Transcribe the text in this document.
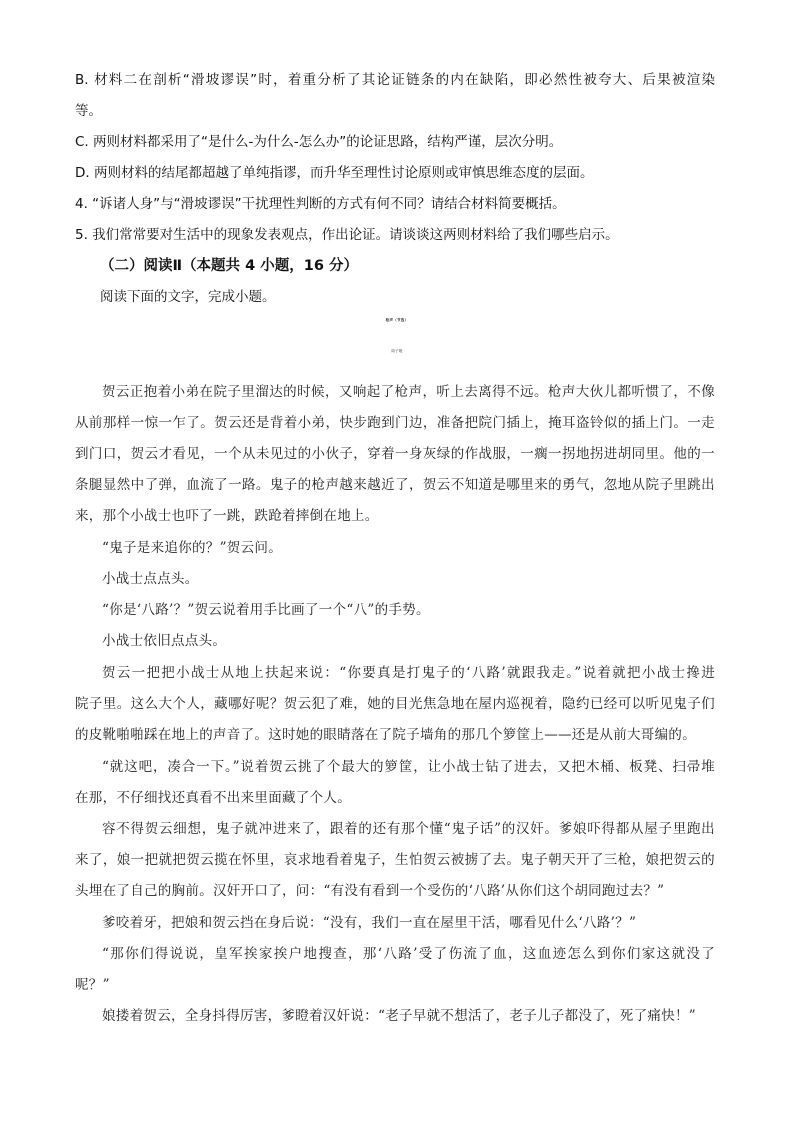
B. 材料二在剖析“滑坡谬误”时，着重分析了其论证链条的内在缺陷，即必然性被夸大、后果被渲染
等。
C. 两则材料都采用了“是什么-为什么-怎么办”的论证思路，结构严谨，层次分明。
D. 两则材料的结尾都超越了单纯指谬，而升华至理性讨论原则或审慎思维态度的层面。
4. “诉诸人身”与“滑坡谬误”干扰理性判断的方式有何不同？请结合材料简要概括。
5. 我们常常要对生活中的现象发表观点，作出论证。请谈谈这两则材料给了我们哪些启示。
（二）阅读Ⅱ（本题共 4 小题，16 分）
阅读下面的文字，完成小题。
枪声（节选）
周子妮
贺云正抱着小弟在院子里溜达的时候，又响起了枪声，听上去离得不远。枪声大伙儿都听惯了，不像
从前那样一惊一乍了。贺云还是背着小弟，快步跑到门边，准备把院门插上，掩耳盗铃似的插上门。一走
到门口，贺云才看见，一个从未见过的小伙子，穿着一身灰绿的作战服，一瘸一拐地拐进胡同里。他的一
条腿显然中了弹，血流了一路。鬼子的枪声越来越近了，贺云不知道是哪里来的勇气，忽地从院子里跳出
来，那个小战士也吓了一跳，跌跄着摔倒在地上。
“鬼子是来追你的？”贺云问。
小战士点点头。
“你是‘八路’？”贺云说着用手比画了一个“八”的手势。
小战士依旧点点头。
贺云一把把小战士从地上扶起来说：“你要真是打鬼子的‘八路’就跟我走。”说着就把小战士搀进
院子里。这么大个人，藏哪好呢？贺云犯了难，她的目光焦急地在屋内巡视着，隐约已经可以听见鬼子们
的皮靴啪啪踩在地上的声音了。这时她的眼睛落在了院子墙角的那几个箩筐上——还是从前大哥编的。
“就这吧，凑合一下。”说着贺云挑了个最大的箩筐，让小战士钻了进去，又把木桶、板凳、扫帚堆
在那，不仔细找还真看不出来里面藏了个人。
容不得贺云细想，鬼子就冲进来了，跟着的还有那个懂“鬼子话”的汉奸。爹娘吓得都从屋子里跑出
来了，娘一把就把贺云揽在怀里，哀求地看着鬼子，生怕贺云被掳了去。鬼子朝天开了三枪，娘把贺云的
头埋在了自己的胸前。汉奸开口了，问：“有没有看到一个受伤的‘八路’从你们这个胡同跑过去？”
爹咬着牙，把娘和贺云挡在身后说：“没有，我们一直在屋里干活，哪看见什么‘八路’？”
“那你们得说说，皇军挨家挨户地搜查，那‘八路’受了伤流了血，这血迹怎么到你们家这就没了
呢？”
娘搂着贺云，全身抖得厉害，爹瞪着汉奸说：“老子早就不想活了，老子儿子都没了，死了痛快！”
